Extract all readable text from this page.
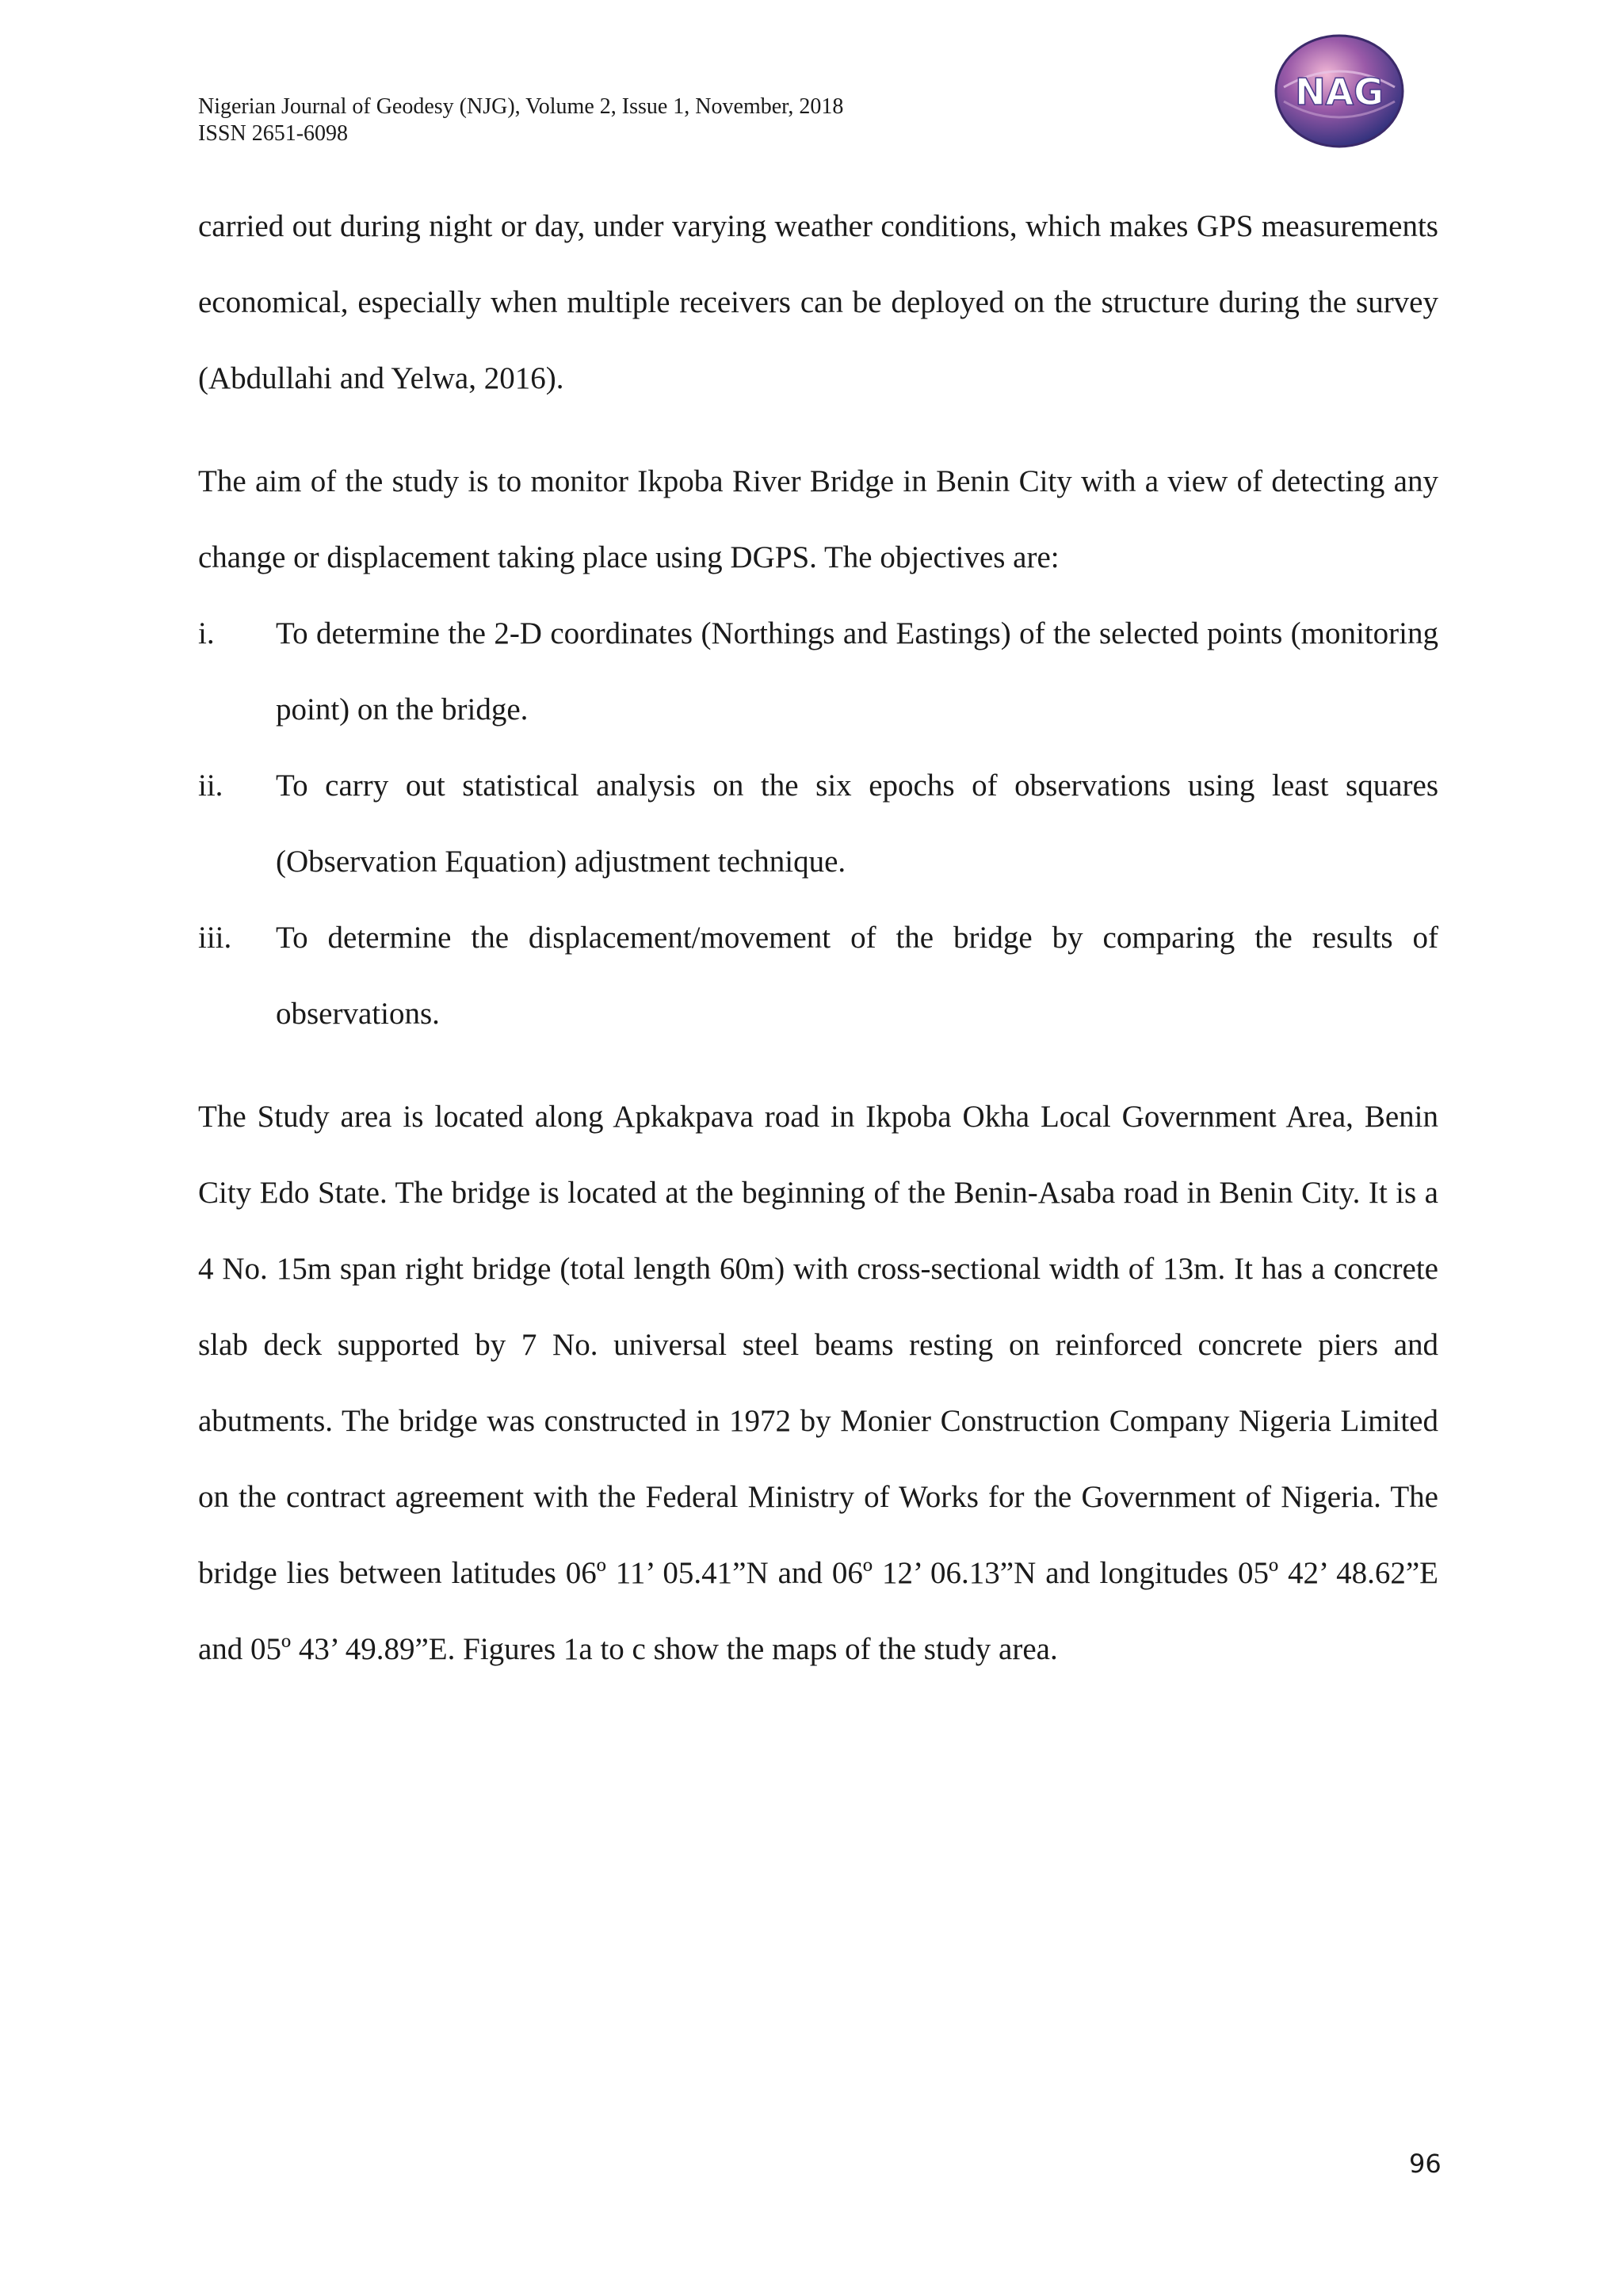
Nigerian Journal of Geodesy (NJG), Volume 2, Issue 1, November, 2018
ISSN 2651-6098
NAG

carried out during night or day, under varying weather conditions, which makes GPS measurements economical, especially when multiple receivers can be deployed on the structure during the survey (Abdullahi and Yelwa, 2016).

The aim of the study is to monitor Ikpoba River Bridge in Benin City with a view of detecting any change or displacement taking place using DGPS. The objectives are:

i. To determine the 2-D coordinates (Northings and Eastings) of the selected points (monitoring point) on the bridge.
ii. To carry out statistical analysis on the six epochs of observations using least squares (Observation Equation) adjustment technique.
iii. To determine the displacement/movement of the bridge by comparing the results of observations.

The Study area is located along Apkakpava road in Ikpoba Okha Local Government Area, Benin City Edo State. The bridge is located at the beginning of the Benin-Asaba road in Benin City. It is a 4 No. 15m span right bridge (total length 60m) with cross-sectional width of 13m. It has a concrete slab deck supported by 7 No. universal steel beams resting on reinforced concrete piers and abutments. The bridge was constructed in 1972 by Monier Construction Company Nigeria Limited on the contract agreement with the Federal Ministry of Works for the Government of Nigeria. The bridge lies between latitudes 06º 11’ 05.41”N and 06º 12’ 06.13”N and longitudes 05º 42’ 48.62”E and 05º 43’ 49.89”E. Figures 1a to c show the maps of the study area.

96
